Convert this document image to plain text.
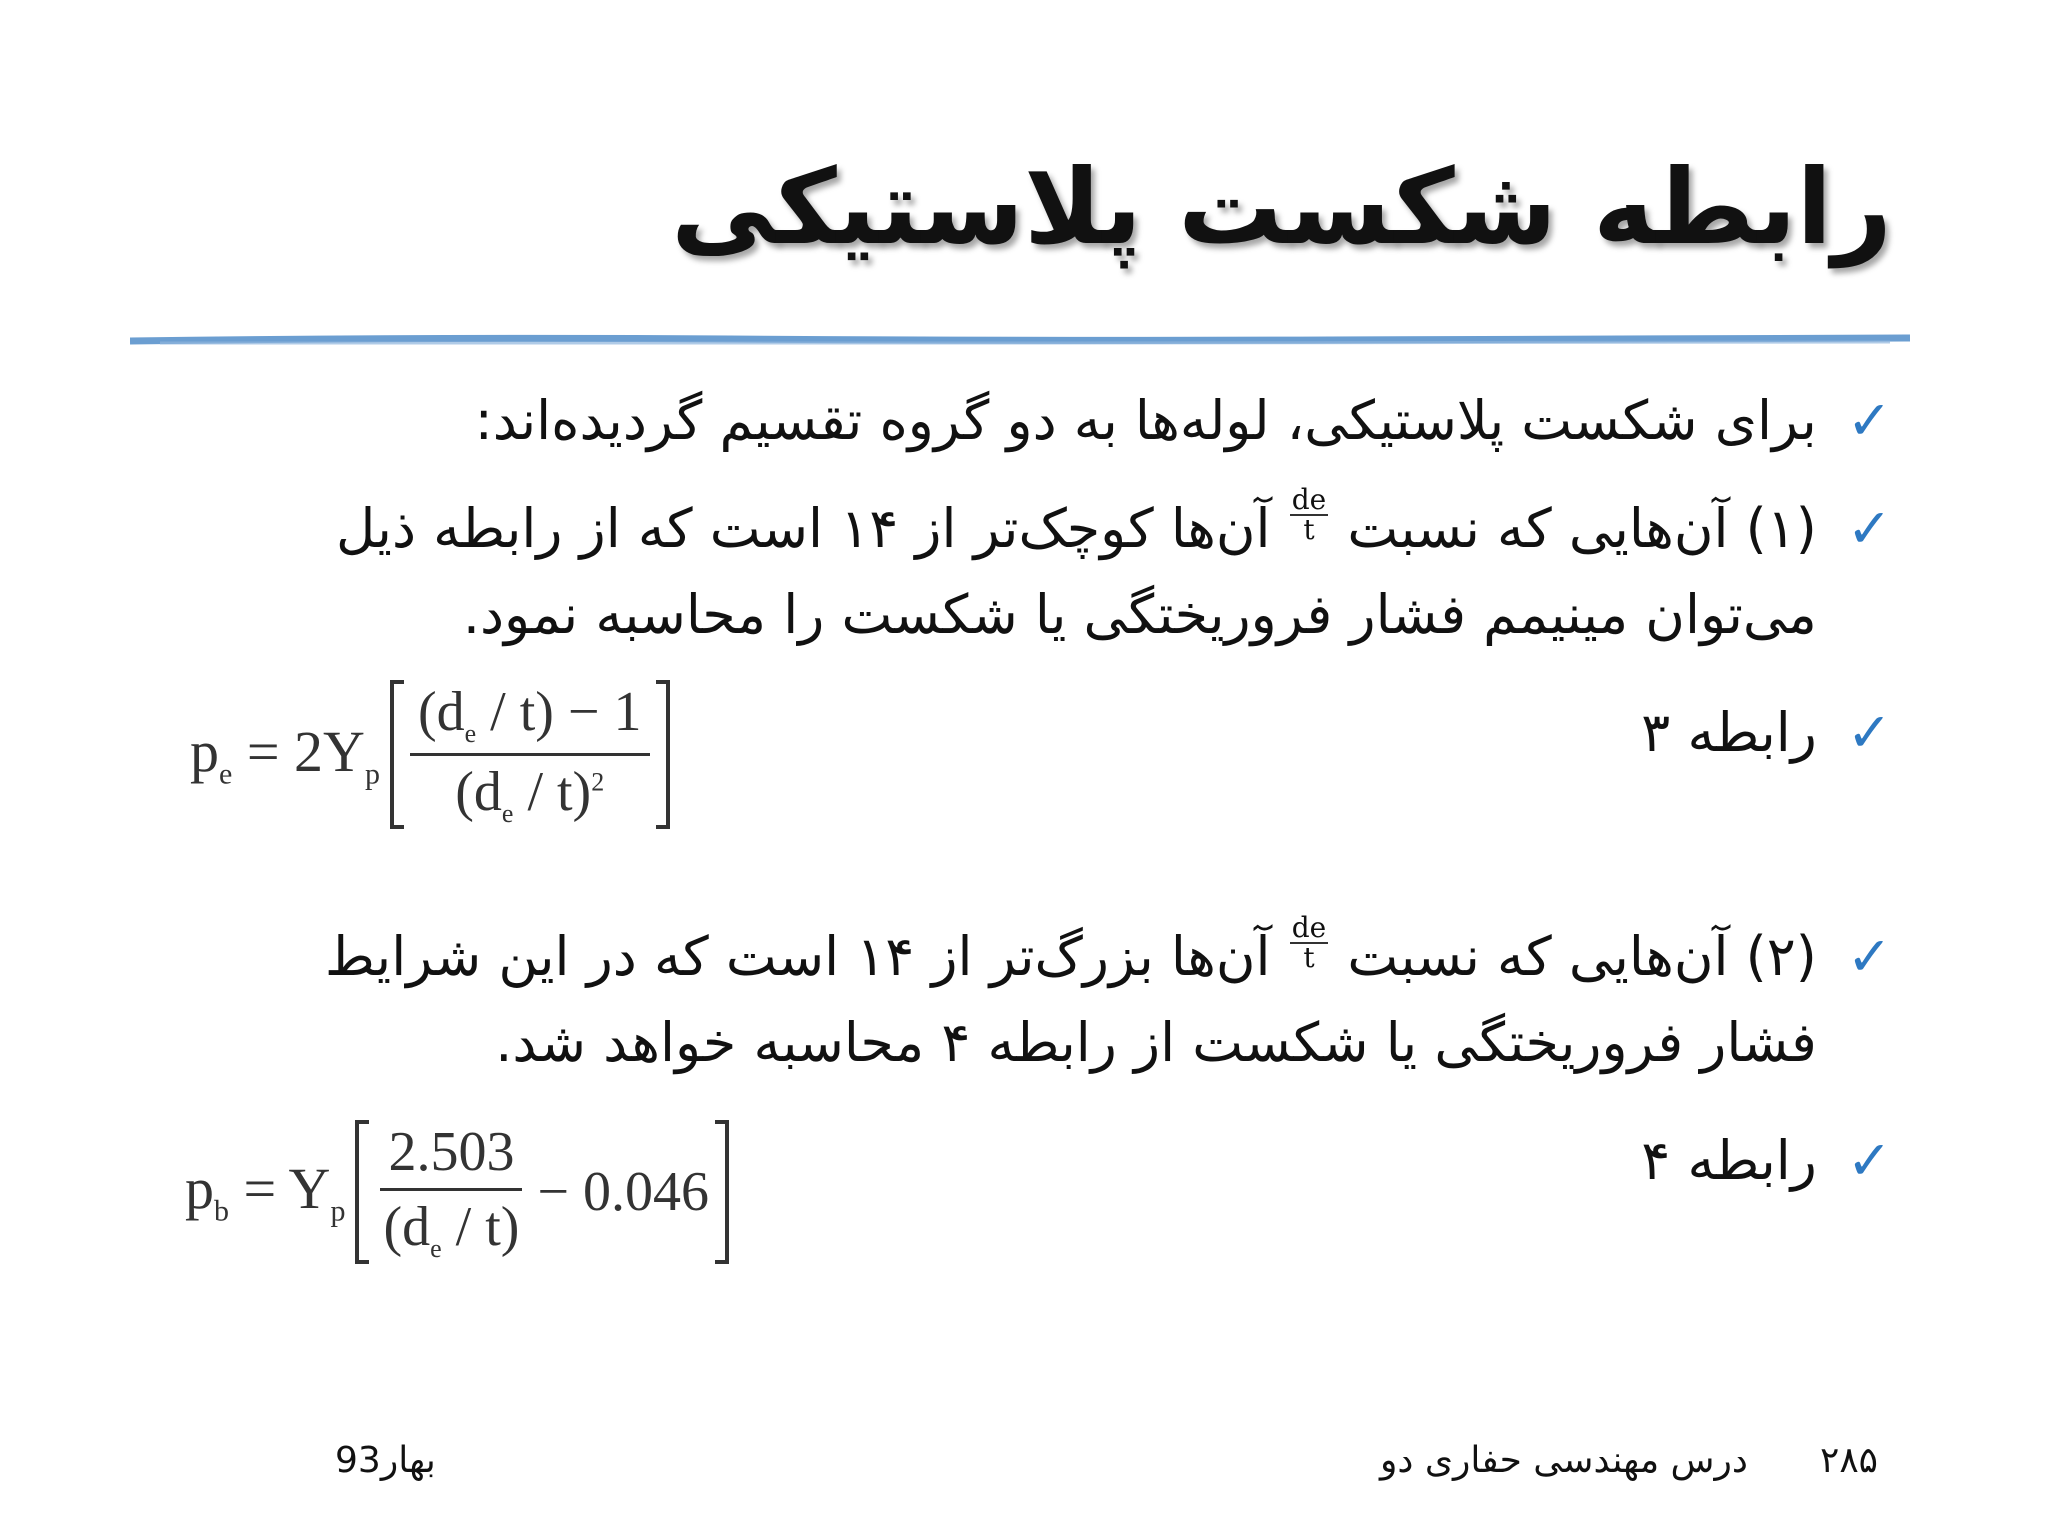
رابطه شکست پلاستیکی
✓ برای شکست پلاستیکی، لوله‌ها به دو گروه تقسیم گردیده‌اند:
✓ (۱) آن‌هایی که نسبت
$\frac{de}{t}$
آن‌ها کوچک‌تر از ۱۴ است که از رابطه ذیل
می‌توان مینیمم فشار فروریختگی یا شکست را محاسبه نمود.
✓ رابطه ۳
$p_e = 2Y_p \frac{(d_e / t) - 1}{(d_e / t)^2}$
✓ (۲) آن‌هایی که نسبت
$\frac{de}{t}$
آن‌ها بزرگ‌تر از ۱۴ است که در این شرایط
فشار فروریختگی یا شکست از رابطه ۴ محاسبه خواهد شد.
✓ رابطه ۴
$p_b = Y_p \frac{2.503}{(d_e / t)} - 0.046$
۲۸۵
درس مهندسی حفاری دو
بهار93
